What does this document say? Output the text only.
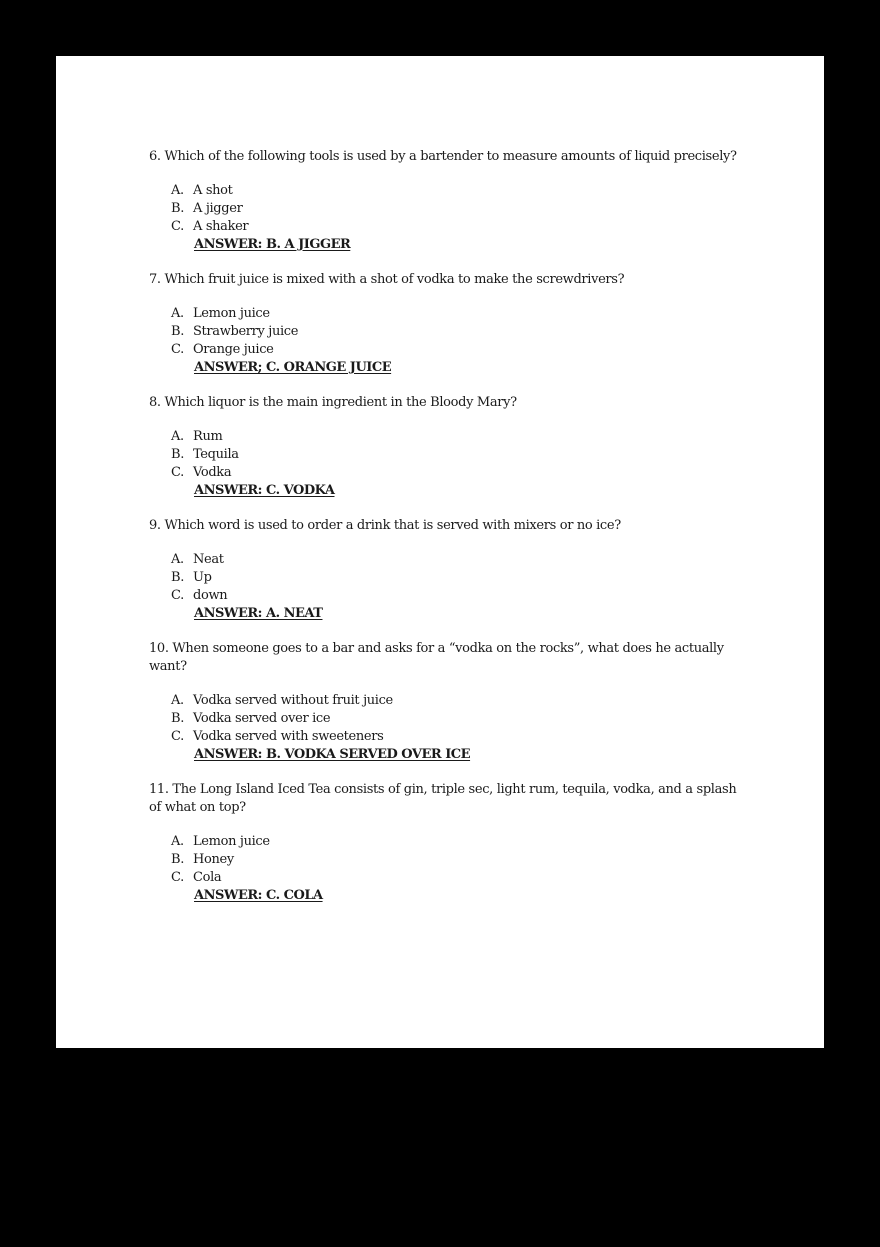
6. Which of the following tools is used by a bartender to measure amounts of liquid precisely?

A. A shot
B. A jigger
C. A shaker
ANSWER: B. A JIGGER

7. Which fruit juice is mixed with a shot of vodka to make the screwdrivers?

A. Lemon juice
B. Strawberry juice
C. Orange juice
ANSWER; C. ORANGE JUICE

8. Which liquor is the main ingredient in the Bloody Mary?

A. Rum
B. Tequila
C. Vodka
ANSWER: C. VODKA

9. Which word is used to order a drink that is served with mixers or no ice?

A. Neat
B. Up
C. down
ANSWER: A. NEAT

10. When someone goes to a bar and asks for a “vodka on the rocks”, what does he actually want?

A. Vodka served without fruit juice
B. Vodka served over ice
C. Vodka served with sweeteners
ANSWER: B. VODKA SERVED OVER ICE

11. The Long Island Iced Tea consists of gin, triple sec, light rum, tequila, vodka, and a splash of what on top?

A. Lemon juice
B. Honey
C. Cola
ANSWER: C. COLA
